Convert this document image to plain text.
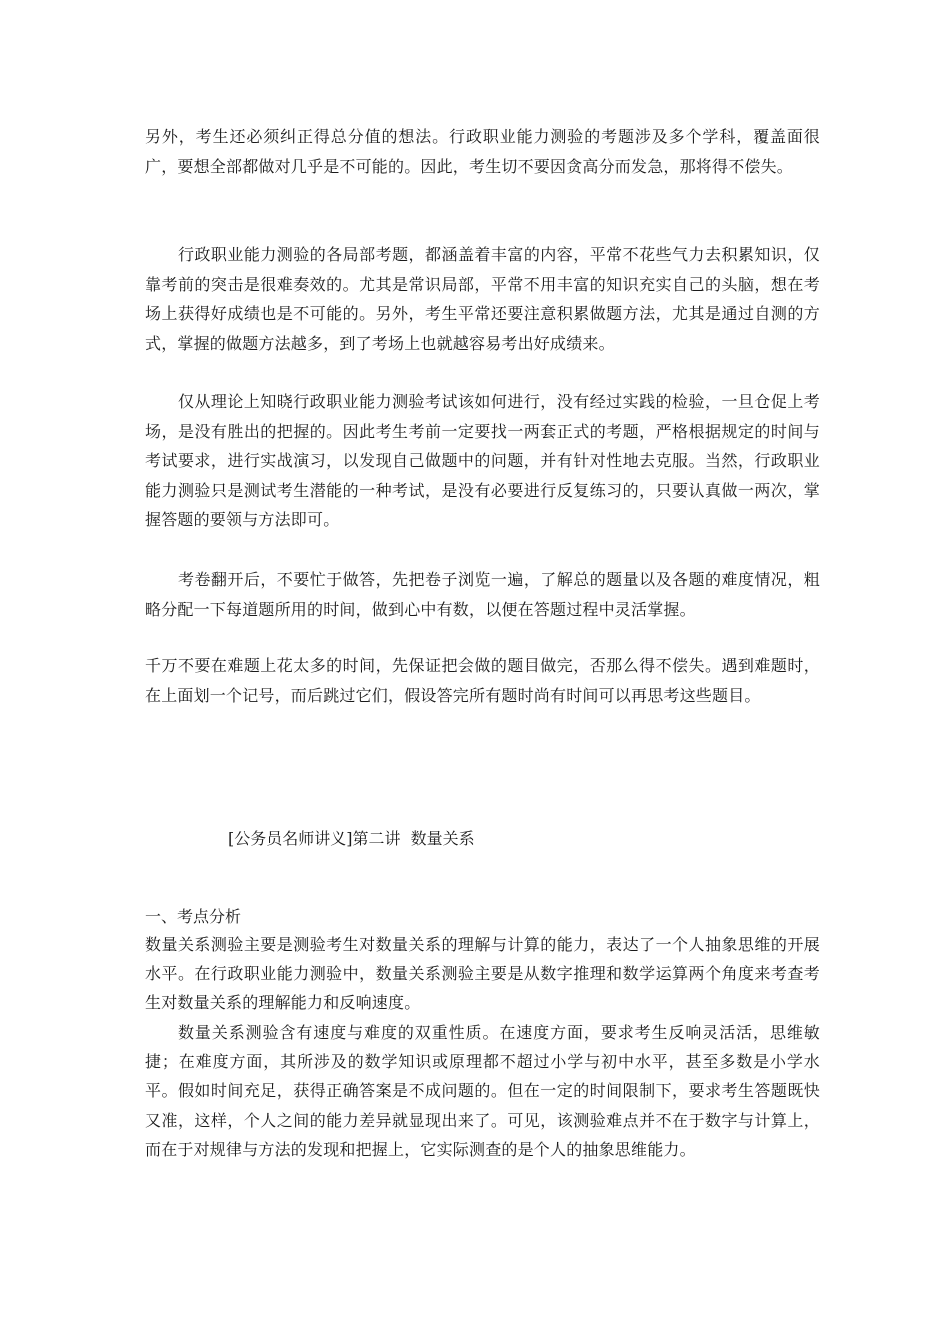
另外，考生还必须纠正得总分值的想法。行政职业能力测验的考题涉及多个学科，覆盖面很广，要想全部都做对几乎是不可能的。因此，考生切不要因贪高分而发急，那将得不偿失。

行政职业能力测验的各局部考题，都涵盖着丰富的内容，平常不花些气力去积累知识，仅靠考前的突击是很难奏效的。尤其是常识局部，平常不用丰富的知识充实自己的头脑，想在考场上获得好成绩也是不可能的。另外，考生平常还要注意积累做题方法，尤其是通过自测的方式，掌握的做题方法越多，到了考场上也就越容易考出好成绩来。

仅从理论上知晓行政职业能力测验考试该如何进行，没有经过实践的检验，一旦仓促上考场，是没有胜出的把握的。因此考生考前一定要找一两套正式的考题，严格根据规定的时间与考试要求，进行实战演习，以发现自己做题中的问题，并有针对性地去克服。当然，行政职业能力测验只是测试考生潜能的一种考试，是没有必要进行反复练习的，只要认真做一两次，掌握答题的要领与方法即可。

考卷翻开后，不要忙于做答，先把卷子浏览一遍，了解总的题量以及各题的难度情况，粗略分配一下每道题所用的时间，做到心中有数，以便在答题过程中灵活掌握。

千万不要在难题上花太多的时间，先保证把会做的题目做完，否那么得不偿失。遇到难题时，在上面划一个记号，而后跳过它们，假设答完所有题时尚有时间可以再思考这些题目。

[公务员名师讲义]第二讲  数量关系

一、考点分析

数量关系测验主要是测验考生对数量关系的理解与计算的能力，表达了一个人抽象思维的开展水平。在行政职业能力测验中，数量关系测验主要是从数字推理和数学运算两个角度来考查考生对数量关系的理解能力和反响速度。

数量关系测验含有速度与难度的双重性质。在速度方面，要求考生反响灵活活，思维敏捷；在难度方面，其所涉及的数学知识或原理都不超过小学与初中水平，甚至多数是小学水平。假如时间充足，获得正确答案是不成问题的。但在一定的时间限制下，要求考生答题既快又准，这样，个人之间的能力差异就显现出来了。可见，该测验难点并不在于数字与计算上，而在于对规律与方法的发现和把握上，它实际测查的是个人的抽象思维能力。
